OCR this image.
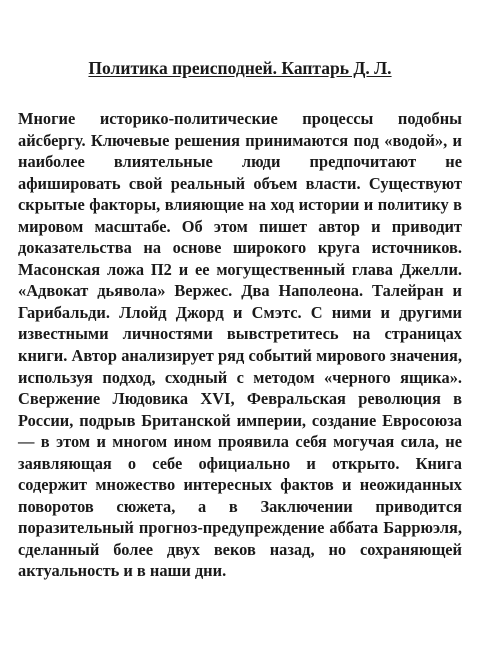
Политика преисподней. Каптарь Д. Л.

Многие историко-политические процессы подобны айсбергу. Ключевые решения принимаются под «водой», и наиболее влиятельные люди предпочитают не афишировать свой реальный объем власти. Существуют скрытые факторы, влияющие на ход истории и политику в мировом масштабе. Об этом пишет автор и приводит доказательства на основе широкого круга источников. Масонская ложа П2 и ее могущественный глава Джелли. «Адвокат дьявола» Вержес. Два Наполеона. Талейран и Гарибальди. Ллойд Джорд и Смэтс. С ними и другими известными личностями вывстретитесь на страницах книги. Автор анализирует ряд событий мирового значения, используя подход, сходный с методом «черного ящика». Свержение Людовика XVI, Февральская революция в России, подрыв Британской империи, создание Евросоюза — в этом и многом ином проявила себя могучая сила, не заявляющая о себе официально и открыто. Книга содержит множество интересных фактов и неожиданных поворотов сюжета, а в Заключении приводится поразительный прогноз-предупреждение аббата Баррюэля, сделанный более двух веков назад, но сохраняющей актуальность и в наши дни.
